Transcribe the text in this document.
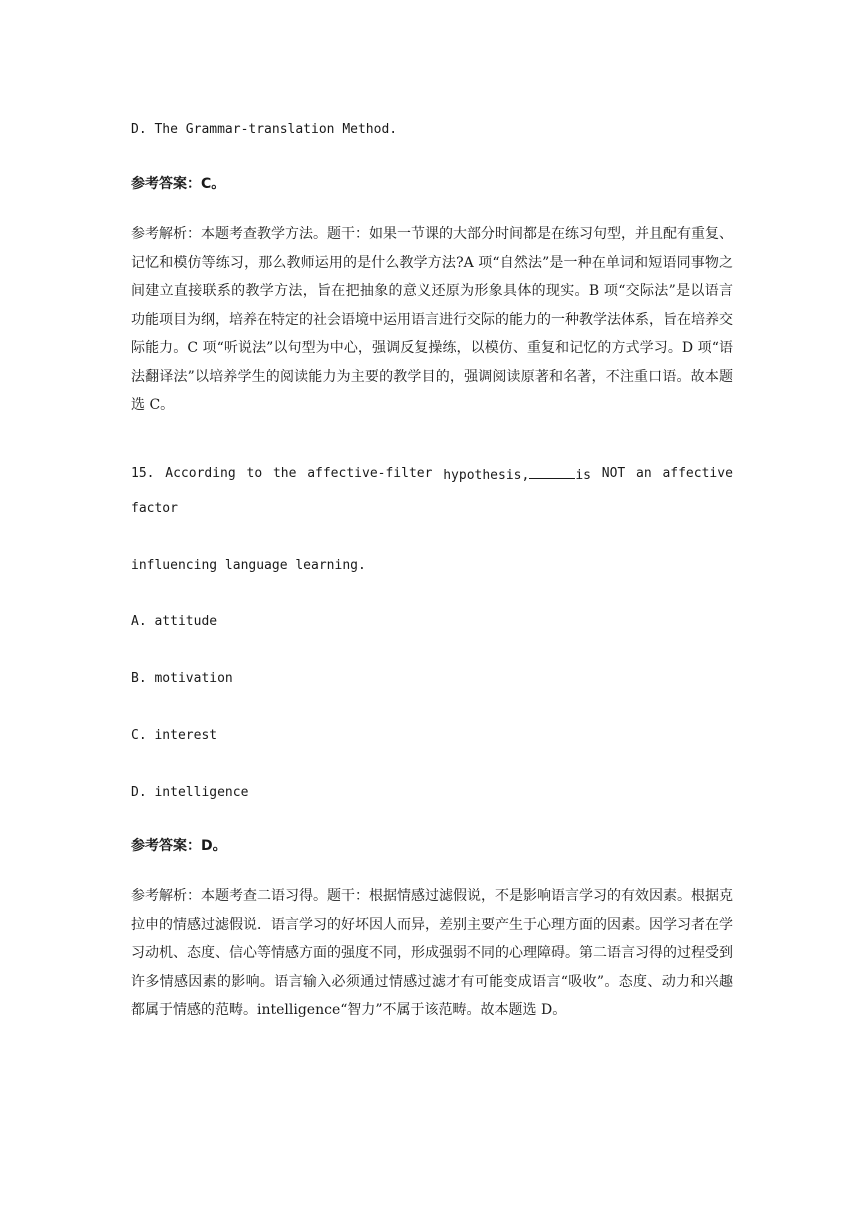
D. The Grammar-translation Method.
参考答案：C。
参考解析：本题考查教学方法。题干：如果一节课的大部分时间都是在练习句型，并且配有重复、记忆和模仿等练习，那么教师运用的是什么教学方法?A 项“自然法”是一种在单词和短语同事物之间建立直接联系的教学方法，旨在把抽象的意义还原为形象具体的现实。B 项“交际法”是以语言功能项目为纲，培养在特定的社会语境中运用语言进行交际的能力的一种教学法体系，旨在培养交际能力。C 项“听说法”以句型为中心，强调反复操练，以模仿、重复和记忆的方式学习。D 项“语法翻译法”以培养学生的阅读能力为主要的教学目的，强调阅读原著和名著，不注重口语。故本题选 C。
15. According to the affective-filter hypothesis,	is NOT an affective
factor
influencing language learning.
A. attitude
B. motivation
C. interest
D. intelligence
参考答案：D。
参考解析：本题考查二语习得。题干：根据情感过滤假说，不是影响语言学习的有效因素。根据克拉申的情感过滤假说．语言学习的好坏因人而异，差别主要产生于心理方面的因素。因学习者在学习动机、态度、信心等情感方面的强度不同，形成强弱不同的心理障碍。第二语言习得的过程受到许多情感因素的影响。语言输入必须通过情感过滤才有可能变成语言“吸收”。态度、动力和兴趣都属于情感的范畴。intelligence“智力”不属于该范畴。故本题选 D。
